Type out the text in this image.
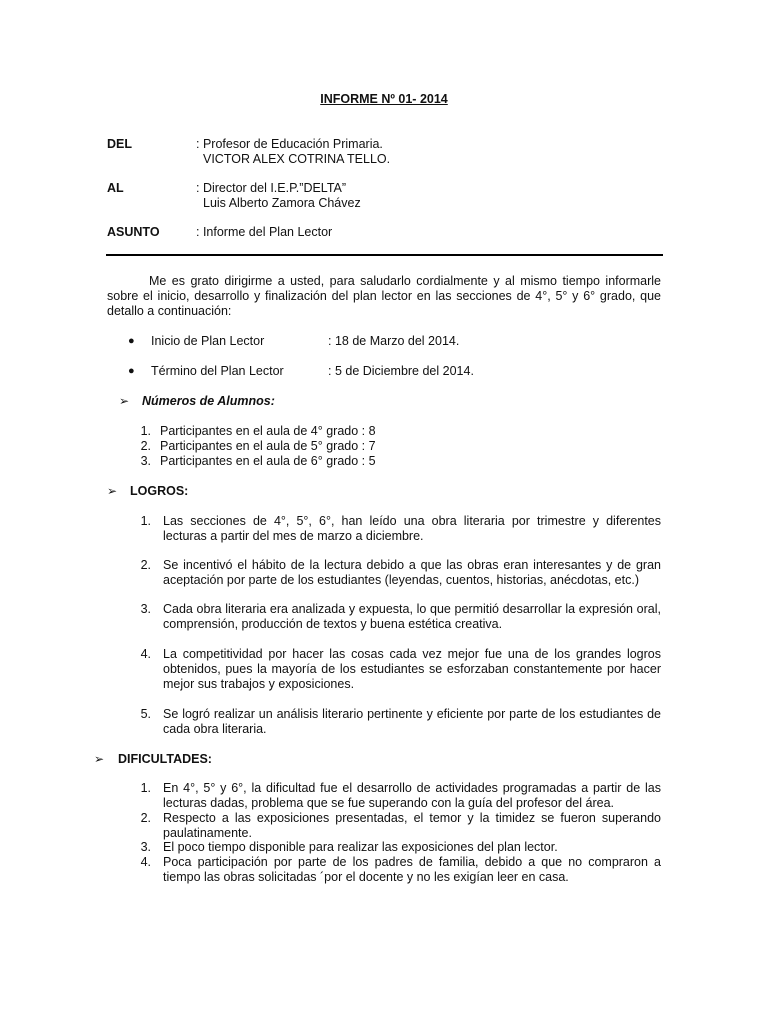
INFORME Nº 01- 2014
DEL	: Profesor de Educación Primaria.
VICTOR ALEX COTRINA TELLO.
AL	: Director del I.E.P.”DELTA”
Luis Alberto Zamora Chávez
ASUNTO	: Informe del Plan Lector
Me es grato dirigirme a usted, para saludarlo cordialmente y al mismo tiempo informarle
sobre el inicio, desarrollo y finalización del plan lector en las secciones de 4°, 5° y 6° grado, que
detallo a continuación:
● Inicio de Plan Lector	: 18 de Marzo del 2014.
● Término del Plan Lector	: 5 de Diciembre del 2014.
➢ Números de Alumnos:
1. Participantes en el aula de 4° grado : 8
2. Participantes en el aula de 5° grado : 7
3. Participantes en el aula de 6° grado : 5
➢ LOGROS:
1. Las secciones de 4°, 5°, 6°, han leído una obra literaria por trimestre y diferentes
lecturas a partir del mes de marzo a diciembre.
2. Se incentivó el hábito de la lectura debido a que las obras eran interesantes y de gran
aceptación por parte de los estudiantes (leyendas, cuentos, historias, anécdotas, etc.)
3. Cada obra literaria era analizada y expuesta, lo que permitió desarrollar la expresión oral,
comprensión, producción de textos y buena estética creativa.
4. La competitividad por hacer las cosas cada vez mejor fue una de los grandes logros
obtenidos, pues la mayoría de los estudiantes se esforzaban constantemente por hacer
mejor sus trabajos y exposiciones.
5. Se logró realizar un análisis literario pertinente y eficiente por parte de los estudiantes de
cada obra literaria.
➢ DIFICULTADES:
1. En 4°, 5° y 6°, la dificultad fue el desarrollo de actividades programadas a partir de las
lecturas dadas, problema que se fue superando con la guía del profesor del área.
2. Respecto a las exposiciones presentadas, el temor y la timidez se fueron superando
paulatinamente.
3. El poco tiempo disponible para realizar las exposiciones del plan lector.
4. Poca participación por parte de los padres de familia, debido a que no compraron a
tiempo las obras solicitadas ´por el docente y no les exigían leer en casa.
